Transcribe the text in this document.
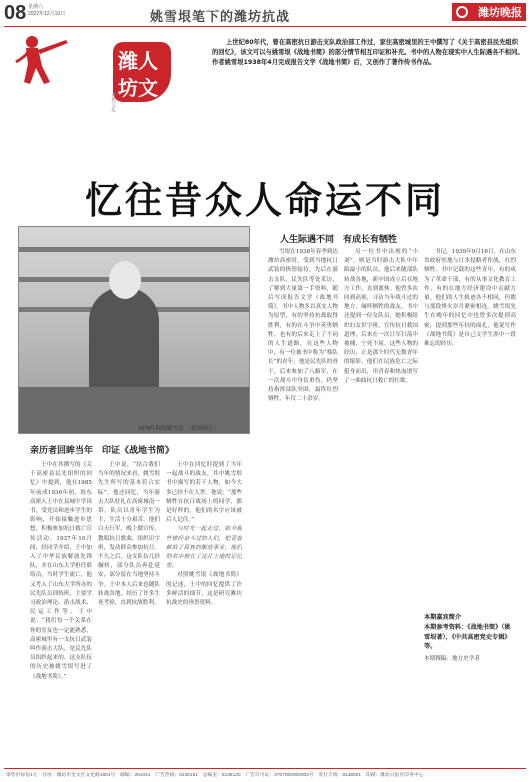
08 星期六
2022年12月10日	姚雪垠笔下的潍坊抗战	潍坊晚报
潍人
坊文
齐鲁文化
上世纪80年代，曾在高密抗日游击支队政治部工作过，家住高密城里的王中撰写了《关于高密县民先组织的回忆》，该文可以与姚雪垠《战地书简》的部分情节相互印证和补充。书中的人物在现实中人生际遇各不相同。作者姚雪垠1938年4月完成报告文学《战地书简》后，又创作了著作传书作品。
忆往昔众人命运不同
1978年时的姚雪垠。（资料图片）
人生际遇不同　有成长有牺牲
亲历者回眸当年　印证《战地书简》
王中在其撰写的《关于高密县民先组织的回忆》中提到，他在1985年前成1936年初，胶东高密人王中在县城中学读书，受党员和进步学生的影响，开始接触进步思想，积极参加抗日救亡宣传活动。1937年10月间，经同学介绍，王中加入了中华民族解放先锋队，并在山东大学担任联络员。当时学生流亡，他又考入了山东大学所办的民先队员训练班，主要学习政治理论、游击战术、民运工作等。王中说：“我们每一个关系在你的室友也一定能熟悉，高密城里有一支抗日武装叫作游击大队，是民先队员组织起来的。这支队伍的历史被姚雪垠写进了《战地书简》。”
王中说，“结合我们当年的情况来看，姚雪垠先生所写的基本符合实际”。他还回忆，当年游击大队驻扎在高密城南一带，队员以青年学生为主，生活十分艰苦，他们白天行军，晚上做宣传，教唱抗日歌曲，组织识字班，发动群众参加抗日。不久之后，这支队伍几经辗转，部分队员奔赴延安，部分留在当地坚持斗争。王中本人后来也随队转战各地，经历了许多生死考验，直到抗战胜利。

王中在回忆时提到了当年一起战斗的战友，其中姚雪垠书中描写的若干人物，如今大多已经不在人世。他说：“那些牺牲在抗日战场上的同学，都是好样的，他们的名字应该被后人记住。”

与时光一起走过，如今那些曾经奋斗过的人们，把青春献给了民族的解放事业，他们的名字刻在了这片土地的记忆里。

对照姚雪垠《战地书简》的记述，王中的回忆提供了许多鲜活的细节，这是研究潍坊抗战史的珍贵资料。

雪垠在1938年春季到达潍坊高密时，受到当地抗日武装的热情接待，先后在游击支队、民先队等处采访，了解到大量第一手资料，随后写成报告文学《战地书简》。书中人物多以真实人物为原型，有的坚持抗战取得胜利，有的在斗争中英勇牺牲，也有的后来走上了不同的人生道路。在这些人物中，有一位被书中称为“蔡队长”的青年，他是民先队的骨干，后来参加了八路军，在一次战斗中身负重伤，仍坚持指挥部队突围，最终壮烈牺牲，年仅二十余岁。
另一位书中出现的“小刘”，则是当时游击大队中年龄最小的队员，他后来随部队转战各地，新中国成立后在地方工作，直到离休。他曾多次回到高密，寻访当年战斗过的地方，缅怀牺牲的战友。书中还提到一位女队员，她积极组织妇女识字班，宣传抗日救国道理，后来在一次日军扫荡中被捕，宁死不屈。这些人物的经历，正是那个时代无数青年的缩影，他们在民族危亡之际挺身而出，用青春和热血谱写了一曲曲抗日救亡的壮歌。
书记。1939年9月16日，在山东省政府驻地与日本侵略者作战，壮烈牺牲。书中记载的这些青年，有的成为了革命干部，有的从事文化教育工作，有的在地方经济建设中贡献力量。他们的人生轨迹各不相同，但都与那段烽火岁月紧密相连。姚雪垠先生在晚年的回忆中也曾多次提到高密，提到那些年轻的面孔，他说写作《战地书简》是自己文学生涯中一段难忘的经历。
本期嘉宾简介
本期参考资料：《战地书简》（姚雪垠著），《中共高密党史专辑》等。
本期撰稿：地方史学者
零售价每份1元　社址：潍坊市奎文区文化路1801号　邮编：261041　广告热线：8136151　总编室：8136120　广告许可证：3707000000003号　发行专线：8136001　印刷：潍坊日报社印务中心
